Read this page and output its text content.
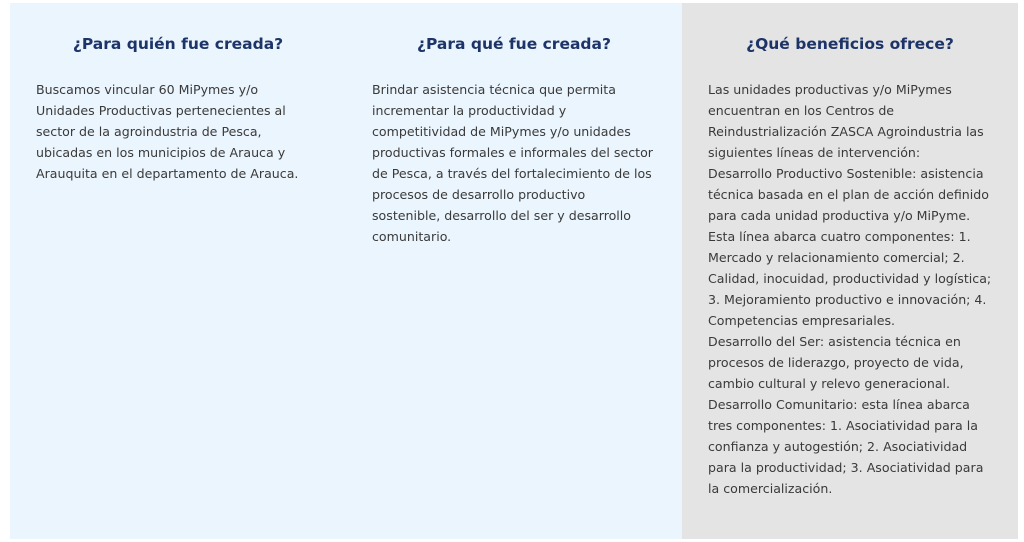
¿Para quién fue creada?

Buscamos vincular 60 MiPymes y/o
Unidades Productivas pertenecientes al
sector de la agroindustria de Pesca,
ubicadas en los municipios de Arauca y
Arauquita en el departamento de Arauca.

¿Para qué fue creada?

Brindar asistencia técnica que permita
incrementar la productividad y
competitividad de MiPymes y/o unidades
productivas formales e informales del sector
de Pesca, a través del fortalecimiento de los
procesos de desarrollo productivo
sostenible, desarrollo del ser y desarrollo
comunitario.

¿Qué beneficios ofrece?

Las unidades productivas y/o MiPymes
encuentran en los Centros de
Reindustrialización ZASCA Agroindustria las
siguientes líneas de intervención:
Desarrollo Productivo Sostenible: asistencia
técnica basada en el plan de acción definido
para cada unidad productiva y/o MiPyme.
Esta línea abarca cuatro componentes: 1.
Mercado y relacionamiento comercial; 2.
Calidad, inocuidad, productividad y logística;
3. Mejoramiento productivo e innovación; 4.
Competencias empresariales.
Desarrollo del Ser: asistencia técnica en
procesos de liderazgo, proyecto de vida,
cambio cultural y relevo generacional.
Desarrollo Comunitario: esta línea abarca
tres componentes: 1. Asociatividad para la
confianza y autogestión; 2. Asociatividad
para la productividad; 3. Asociatividad para
la comercialización.
